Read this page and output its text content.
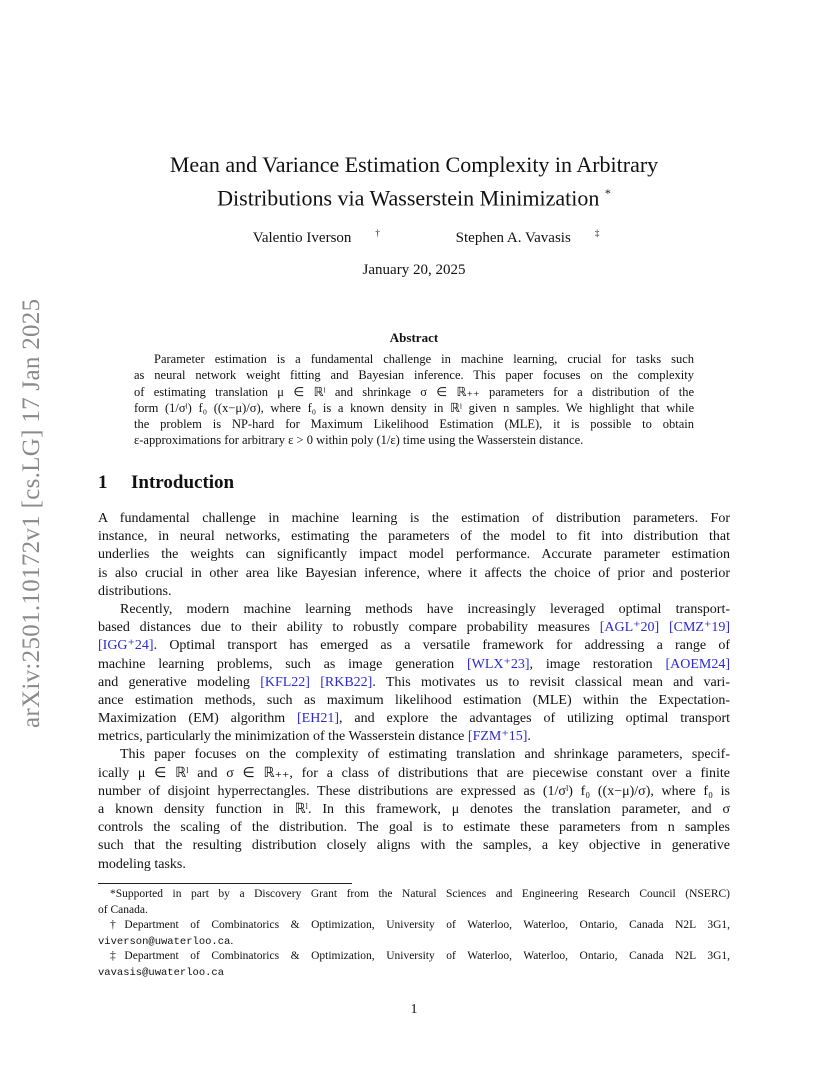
arXiv:2501.10172v1 [cs.LG] 17 Jan 2025
Mean and Variance Estimation Complexity in Arbitrary
Distributions via Wasserstein Minimization *
Valentio Iverson	†	Stephen A. Vavasis	‡
January 20, 2025
Abstract
Parameter estimation is a fundamental challenge in machine learning, crucial for tasks such
as neural network weight fitting and Bayesian inference. This paper focuses on the complexity
of estimating translation μ ∈ ℝˡ and shrinkage σ ∈ ℝ₊₊ parameters for a distribution of the
form (1/σˡ) f₀ ((x−μ)/σ), where f₀ is a known density in ℝˡ given n samples. We highlight that while
the problem is NP-hard for Maximum Likelihood Estimation (MLE), it is possible to obtain
ε-approximations for arbitrary ε > 0 within poly (1/ε) time using the Wasserstein distance.
1 Introduction
A fundamental challenge in machine learning is the estimation of distribution parameters. For
instance, in neural networks, estimating the parameters of the model to fit into distribution that
underlies the weights can significantly impact model performance. Accurate parameter estimation
is also crucial in other area like Bayesian inference, where it affects the choice of prior and posterior
distributions.
Recently, modern machine learning methods have increasingly leveraged optimal transport-
based distances due to their ability to robustly compare probability measures [AGL⁺20] [CMZ⁺19]
[IGG⁺24]. Optimal transport has emerged as a versatile framework for addressing a range of
machine learning problems, such as image generation [WLX⁺23], image restoration [AOEM24]
and generative modeling [KFL22] [RKB22]. This motivates us to revisit classical mean and vari-
ance estimation methods, such as maximum likelihood estimation (MLE) within the Expectation-
Maximization (EM) algorithm [EH21], and explore the advantages of utilizing optimal transport
metrics, particularly the minimization of the Wasserstein distance [FZM⁺15].
This paper focuses on the complexity of estimating translation and shrinkage parameters, specif-
ically μ ∈ ℝˡ and σ ∈ ℝ₊₊, for a class of distributions that are piecewise constant over a finite
number of disjoint hyperrectangles. These distributions are expressed as (1/σˡ) f₀ ((x−μ)/σ), where f₀ is
a known density function in ℝˡ. In this framework, μ denotes the translation parameter, and σ
controls the scaling of the distribution. The goal is to estimate these parameters from n samples
such that the resulting distribution closely aligns with the samples, a key objective in generative
modeling tasks.
*Supported in part by a Discovery Grant from the Natural Sciences and Engineering Research Council (NSERC)
of Canada.
†Department of Combinatorics & Optimization, University of Waterloo, Waterloo, Ontario, Canada N2L 3G1,
viverson@uwaterloo.ca.
‡Department of Combinatorics & Optimization, University of Waterloo, Waterloo, Ontario, Canada N2L 3G1,
vavasis@uwaterloo.ca
1
